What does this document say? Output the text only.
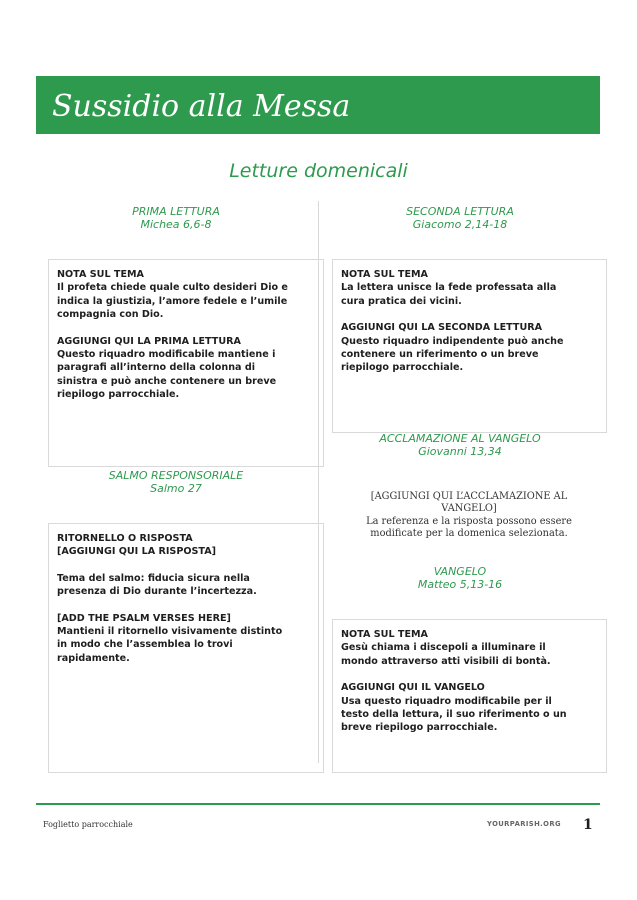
Sussidio alla Messa
Letture domenicali
PRIMA LETTURA
Michea 6,6-8
NOTA SUL TEMA
Il profeta chiede quale culto desideri Dio e
indica la giustizia, l’amore fedele e l’umile
compagnia con Dio.
AGGIUNGI QUI LA PRIMA LETTURA
Questo riquadro modificabile mantiene i
paragrafi all’interno della colonna di
sinistra e può anche contenere un breve
riepilogo parrocchiale.
SALMO RESPONSORIALE
Salmo 27
RITORNELLO O RISPOSTA
[AGGIUNGI QUI LA RISPOSTA]
Tema del salmo: fiducia sicura nella
presenza di Dio durante l’incertezza.
[ADD THE PSALM VERSES HERE]
Mantieni il ritornello visivamente distinto
in modo che l’assemblea lo trovi
rapidamente.
SECONDA LETTURA
Giacomo 2,14-18
NOTA SUL TEMA
La lettera unisce la fede professata alla
cura pratica dei vicini.
AGGIUNGI QUI LA SECONDA LETTURA
Questo riquadro indipendente può anche
contenere un riferimento o un breve
riepilogo parrocchiale.
ACCLAMAZIONE AL VANGELO
Giovanni 13,34
[AGGIUNGI QUI L’ACCLAMAZIONE AL
VANGELO]
La referenza e la risposta possono essere
modificate per la domenica selezionata.
VANGELO
Matteo 5,13-16
NOTA SUL TEMA
Gesù chiama i discepoli a illuminare il
mondo attraverso atti visibili di bontà.
AGGIUNGI QUI IL VANGELO
Usa questo riquadro modificabile per il
testo della lettura, il suo riferimento o un
breve riepilogo parrocchiale.
Foglietto parrocchiale	YOURPARISH.ORG 1
